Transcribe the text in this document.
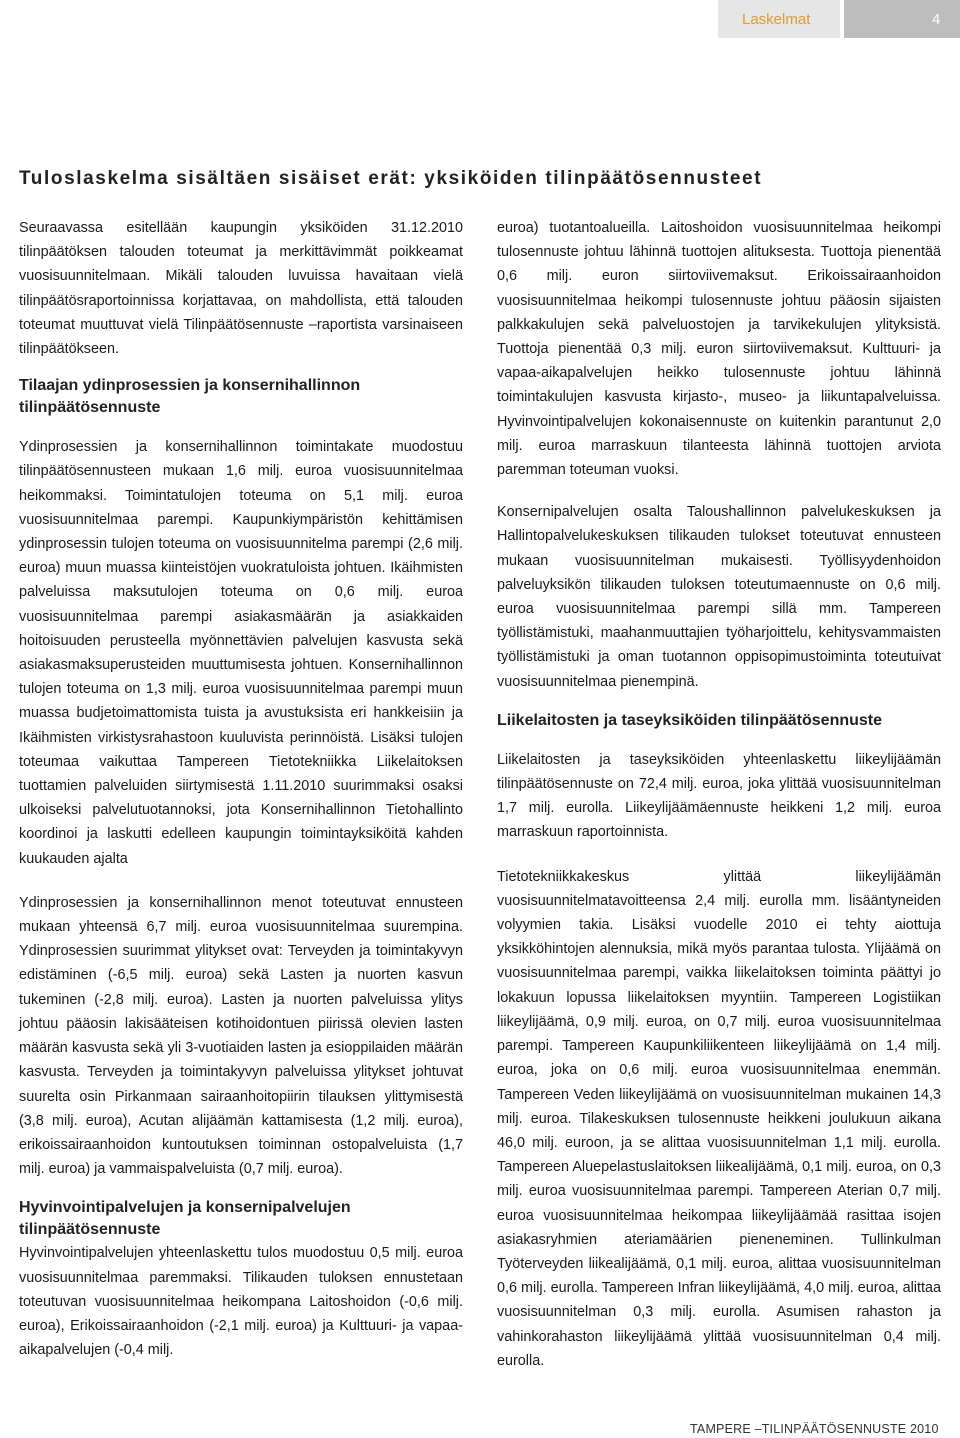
Laskelmat	4
Tuloslaskelma sisältäen sisäiset erät: yksiköiden tilinpäätösennusteet

Seuraavassa esitellään kaupungin yksiköiden 31.12.2010 tilinpäätöksen talouden toteumat ja merkittävimmät poikkeamat vuosisuunnitelmaan. Mikäli talouden luvuissa havaitaan vielä tilinpäätösraportoinnissa korjattavaa, on mahdollista, että talouden toteumat muuttuvat vielä Tilinpäätösennuste –raportista varsinaiseen tilinpäätökseen.

Tilaajan ydinprosessien ja konsernihallinnon tilinpäätösennuste

Ydinprosessien ja konsernihallinnon toimintakate muodostuu tilinpäätösennusteen mukaan 1,6 milj. euroa vuosisuunnitelmaa heikommaksi. Toimintatulojen toteuma on 5,1 milj. euroa vuosisuunnitelmaa parempi. Kaupunkiympäristön kehittämisen ydinprosessin tulojen toteuma on vuosisuunnitelma parempi (2,6 milj. euroa) muun muassa kiinteistöjen vuokratuloista johtuen. Ikäihmisten palveluissa maksutulojen toteuma on 0,6 milj. euroa vuosisuunnitelmaa parempi asiakasmäärän ja asiakkaiden hoitoisuuden perusteella myönnettävien palvelujen kasvusta sekä asiakasmaksuperusteiden muuttumisesta johtuen. Konsernihallinnon tulojen toteuma on 1,3 milj. euroa vuosisuunnitelmaa parempi muun muassa budjetoimattomista tuista ja avustuksista eri hankkeisiin ja Ikäihmisten virkistysrahastoon kuuluvista perinnöistä. Lisäksi tulojen toteumaa vaikuttaa Tampereen Tietotekniikka Liikelaitoksen tuottamien palveluiden siirtymisestä 1.11.2010 suurimmaksi osaksi ulkoiseksi palvelutuotannoksi, jota Konsernihallinnon Tietohallinto koordinoi ja laskutti edelleen kaupungin toimintayksiköitä kahden kuukauden ajalta

Ydinprosessien ja konsernihallinnon menot toteutuvat ennusteen mukaan yhteensä 6,7 milj. euroa vuosisuunnitelmaa suurempina. Ydinprosessien suurimmat ylitykset ovat: Terveyden ja toimintakyvyn edistäminen (-6,5 milj. euroa) sekä Lasten ja nuorten kasvun tukeminen (-2,8 milj. euroa). Lasten ja nuorten palveluissa ylitys johtuu pääosin lakisääteisen kotihoidontuen piirissä olevien lasten määrän kasvusta sekä yli 3-vuotiaiden lasten ja esioppilaiden määrän kasvusta. Terveyden ja toimintakyvyn palveluissa ylitykset johtuvat suurelta osin Pirkanmaan sairaanhoitopiirin tilauksen ylittymisestä (3,8 milj. euroa), Acutan alijäämän kattamisesta (1,2 milj. euroa), erikoissairaanhoidon kuntoutuksen toiminnan ostopalveluista (1,7 milj. euroa) ja vammaispalveluista (0,7 milj. euroa).

Hyvinvointipalvelujen ja konsernipalvelujen tilinpäätösennuste

Hyvinvointipalvelujen yhteenlaskettu tulos muodostuu 0,5 milj. euroa vuosisuunnitelmaa paremmaksi. Tilikauden tuloksen ennustetaan toteutuvan vuosisuunnitelmaa heikompana Laitoshoidon (-0,6 milj. euroa), Erikoissairaanhoidon (-2,1 milj. euroa) ja Kulttuuri- ja vapaa-aikapalvelujen (-0,4 milj.

euroa) tuotantoalueilla. Laitoshoidon vuosisuunnitelmaa heikompi tulosennuste johtuu lähinnä tuottojen alituksesta. Tuottoja pienentää 0,6 milj. euron siirtoviivemaksut. Erikoissairaanhoidon vuosisuunnitelmaa heikompi tulosennuste johtuu pääosin sijaisten palkkakulujen sekä palveluostojen ja tarvikekulujen ylityksistä. Tuottoja pienentää 0,3 milj. euron siirtoviivemaksut. Kulttuuri- ja vapaa-aikapalvelujen heikko tulosennuste johtuu lähinnä toimintakulujen kasvusta kirjasto-, museo- ja liikuntapalveluissa. Hyvinvointipalvelujen kokonaisennuste on kuitenkin parantunut 2,0 milj. euroa marraskuun tilanteesta lähinnä tuottojen arviota paremman toteuman vuoksi.

Konsernipalvelujen osalta Taloushallinnon palvelukeskuksen ja Hallintopalvelukeskuksen tilikauden tulokset toteutuvat ennusteen mukaan vuosisuunnitelman mukaisesti. Työllisyydenhoidon palveluyksikön tilikauden tuloksen toteutumaennuste on 0,6 milj. euroa vuosisuunnitelmaa parempi sillä mm. Tampereen työllistämistuki, maahanmuuttajien työharjoittelu, kehitysvammaisten työllistämistuki ja oman tuotannon oppisopimustoiminta toteutuivat vuosisuunnitelmaa pienempinä.

Liikelaitosten ja taseyksiköiden tilinpäätösennuste

Liikelaitosten ja taseyksiköiden yhteenlaskettu liikeylijäämän tilinpäätösennuste on 72,4 milj. euroa, joka ylittää vuosisuunnitelman 1,7 milj. eurolla. Liikeylijäämäennuste heikkeni 1,2 milj. euroa marraskuun raportoinnista.

Tietotekniikkakeskus ylittää liikeylijäämän vuosisuunnitelmatavoitteensa 2,4 milj. eurolla mm. lisääntyneiden volyymien takia. Lisäksi vuodelle 2010 ei tehty aiottuja yksikköhintojen alennuksia, mikä myös parantaa tulosta. Ylijäämä on vuosisuunnitelmaa parempi, vaikka liikelaitoksen toiminta päättyi jo lokakuun lopussa liikelaitoksen myyntiin. Tampereen Logistiikan liikeylijäämä, 0,9 milj. euroa, on 0,7 milj. euroa vuosisuunnitelmaa parempi. Tampereen Kaupunkiliikenteen liikeylijäämä on 1,4 milj. euroa, joka on 0,6 milj. euroa vuosisuunnitelmaa enemmän. Tampereen Veden liikeylijäämä on vuosisuunnitelman mukainen 14,3 milj. euroa. Tilakeskuksen tulosennuste heikkeni joulukuun aikana 46,0 milj. euroon, ja se alittaa vuosisuunnitelman 1,1 milj. eurolla. Tampereen Aluepelastuslaitoksen liikealijäämä, 0,1 milj. euroa, on 0,3 milj. euroa vuosisuunnitelmaa parempi. Tampereen Aterian 0,7 milj. euroa vuosisuunnitelmaa heikompaa liikeylijäämää rasittaa isojen asiakasryhmien ateriamäärien pieneneminen. Tullinkulman Työterveyden liikealijäämä, 0,1 milj. euroa, alittaa vuosisuunnitelman 0,6 milj. eurolla. Tampereen Infran liikeylijäämä, 4,0 milj. euroa, alittaa vuosisuunnitelman 0,3 milj. eurolla. Asumisen rahaston ja vahinkorahaston liikeylijäämä ylittää vuosisuunnitelman 0,4 milj. eurolla.

TAMPERE –TILINPÄÄTÖSENNUSTE 2010
